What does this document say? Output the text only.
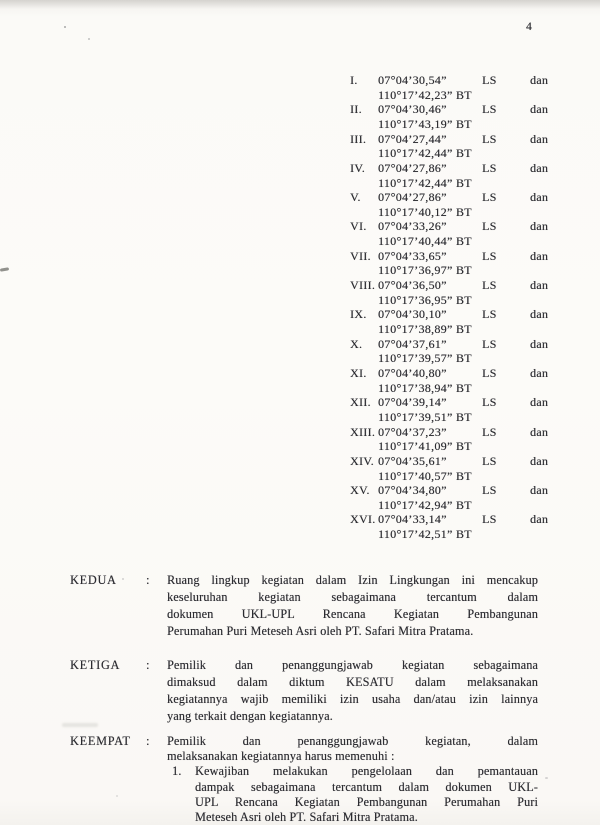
4
I.	07°04’30,54”	LS	dan
110°17’42,23” BT
II.	07°04’30,46”	LS	dan
110°17’43,19” BT
III. 07°04’27,44”	LS	dan
110°17’42,44” BT
IV.	07°04’27,86”	LS	dan
110°17’42,44” BT
V.	07°04’27,86”	LS	dan
110°17’40,12” BT
VI. 07°04’33,26”	LS	dan
110°17’40,44” BT
VII. 07°04’33,65”	LS	dan
110°17’36,97” BT
VIII. 07°04’36,50”	LS	dan
110°17’36,95” BT
IX. 07°04’30,10”	LS	dan
110°17’38,89” BT
X.	07°04’37,61”	LS	dan
110°17’39,57” BT
XI. 07°04’40,80”	LS	dan
110°17’38,94” BT
XII. 07°04’39,14”	LS	dan
110°17’39,51” BT
XIII. 07°04’37,23”	LS	dan
110°17’41,09” BT
XIV. 07°04’35,61”	LS	dan
110°17’40,57” BT
XV. 07°04’34,80”	LS	dan
110°17’42,94” BT
XVI. 07°04’33,14”	LS	dan
110°17’42,51” BT
KEDUA	:	Ruang lingkup kegiatan dalam Izin Lingkungan ini mencakup
keseluruhan kegiatan sebagaimana tercantum dalam
dokumen UKL-UPL Rencana Kegiatan Pembangunan
Perumahan Puri Meteseh Asri oleh PT. Safari Mitra Pratama.
KETIGA	:	Pemilik dan penanggungjawab kegiatan sebagaimana
dimaksud dalam diktum KESATU dalam melaksanakan
kegiatannya wajib memiliki izin usaha dan/atau izin lainnya
yang terkait dengan kegiatannya.
KEEMPAT	:	Pemilik dan penanggungjawab kegiatan, dalam
melaksanakan kegiatannya harus memenuhi :
1. Kewajiban melakukan pengelolaan dan pemantauan
dampak sebagaimana tercantum dalam dokumen UKL-
UPL Rencana Kegiatan Pembangunan Perumahan Puri
Meteseh Asri oleh PT. Safari Mitra Pratama.
